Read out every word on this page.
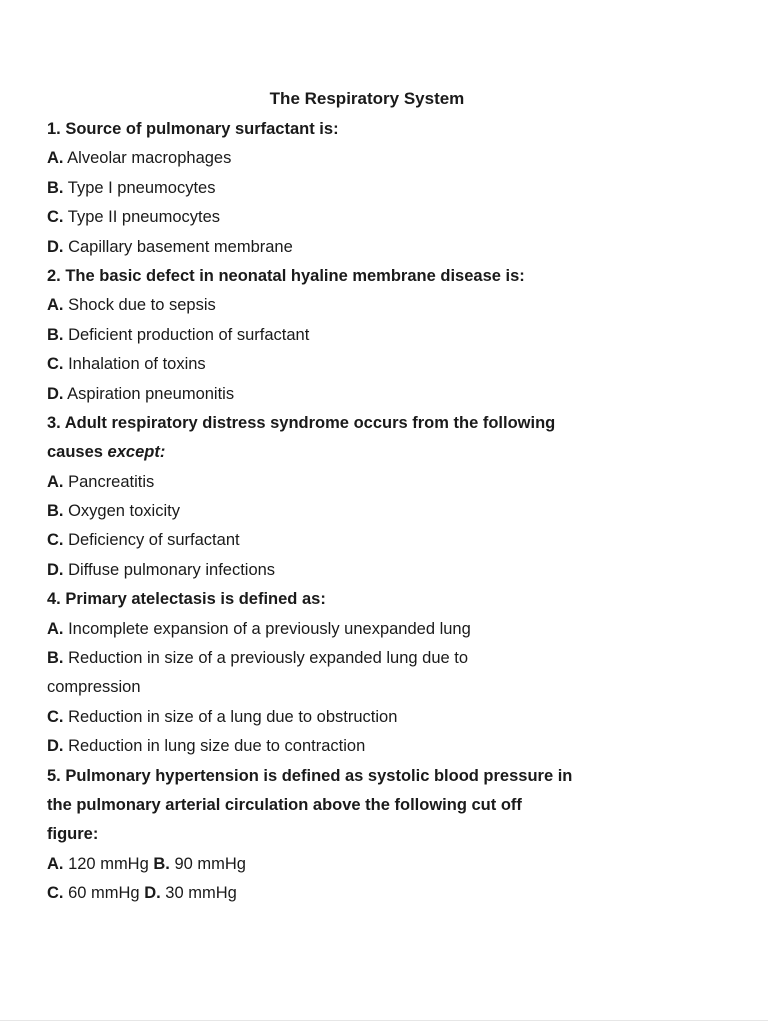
The Respiratory System
1. Source of pulmonary surfactant is:
A. Alveolar macrophages
B. Type I pneumocytes
C. Type II pneumocytes
D. Capillary basement membrane
2. The basic defect in neonatal hyaline membrane disease is:
A. Shock due to sepsis
B. Deficient production of surfactant
C. Inhalation of toxins
D. Aspiration pneumonitis
3. Adult respiratory distress syndrome occurs from the following
causes except:
A. Pancreatitis
B. Oxygen toxicity
C. Deficiency of surfactant
D. Diffuse pulmonary infections
4. Primary atelectasis is defined as:
A. Incomplete expansion of a previously unexpanded lung
B. Reduction in size of a previously expanded lung due to
compression
C. Reduction in size of a lung due to obstruction
D. Reduction in lung size due to contraction
5. Pulmonary hypertension is defined as systolic blood pressure in
the pulmonary arterial circulation above the following cut off
figure:
A. 120 mmHg B. 90 mmHg
C. 60 mmHg D. 30 mmHg
